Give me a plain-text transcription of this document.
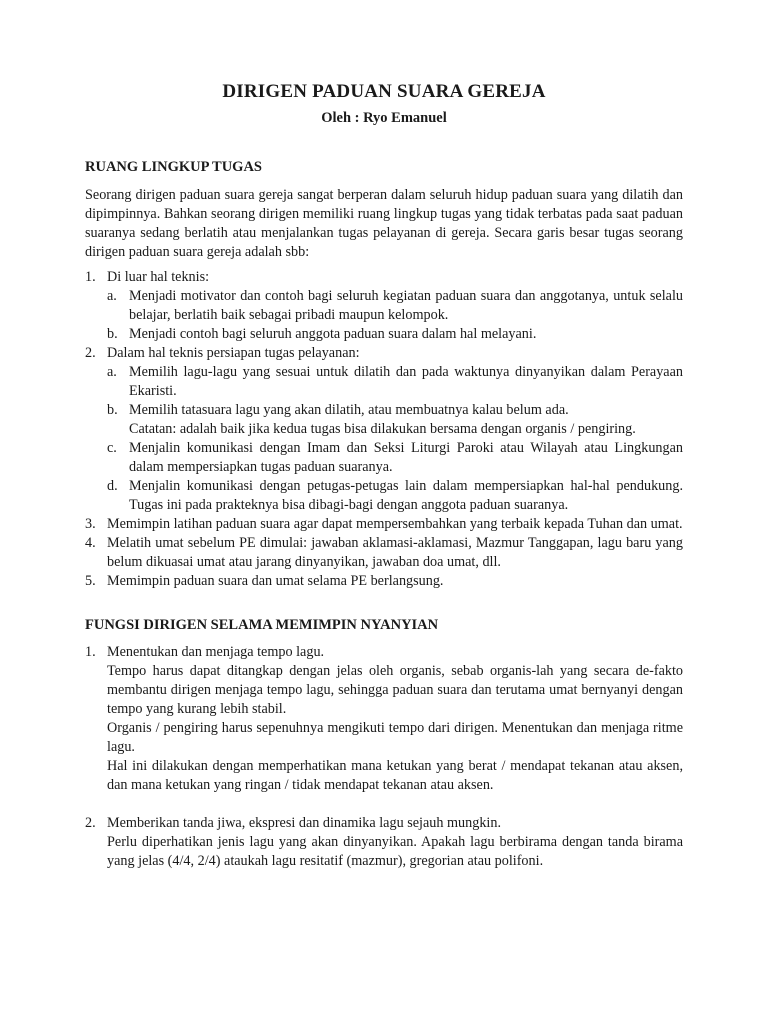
DIRIGEN PADUAN SUARA GEREJA

Oleh : Ryo Emanuel

RUANG LINGKUP TUGAS

Seorang dirigen paduan suara gereja sangat berperan dalam seluruh hidup paduan suara yang dilatih dan dipimpinnya. Bahkan seorang dirigen memiliki ruang lingkup tugas yang tidak terbatas pada saat paduan suaranya sedang berlatih atau menjalankan tugas pelayanan di gereja. Secara garis besar tugas seorang dirigen paduan suara gereja adalah sbb:

1. Di luar hal teknis:
a. Menjadi motivator dan contoh bagi seluruh kegiatan paduan suara dan anggotanya, untuk selalu belajar, berlatih baik sebagai pribadi maupun kelompok.
b. Menjadi contoh bagi seluruh anggota paduan suara dalam hal melayani.
2. Dalam hal teknis persiapan tugas pelayanan:
a. Memilih lagu-lagu yang sesuai untuk dilatih dan pada waktunya dinyanyikan dalam Perayaan Ekaristi.
b. Memilih tatasuara lagu yang akan dilatih, atau membuatnya kalau belum ada.
Catatan: adalah baik jika kedua tugas bisa dilakukan bersama dengan organis / pengiring.
c. Menjalin komunikasi dengan Imam dan Seksi Liturgi Paroki atau Wilayah atau Lingkungan dalam mempersiapkan tugas paduan suaranya.
d. Menjalin komunikasi dengan petugas-petugas lain dalam mempersiapkan hal-hal pendukung. Tugas ini pada prakteknya bisa dibagi-bagi dengan anggota paduan suaranya.
3. Memimpin latihan paduan suara agar dapat mempersembahkan yang terbaik kepada Tuhan dan umat.
4. Melatih umat sebelum PE dimulai: jawaban aklamasi-aklamasi, Mazmur Tanggapan, lagu baru yang belum dikuasai umat atau jarang dinyanyikan, jawaban doa umat, dll.
5. Memimpin paduan suara dan umat selama PE berlangsung.
FUNGSI DIRIGEN SELAMA MEMIMPIN NYANYIAN
1. Menentukan dan menjaga tempo lagu.
Tempo harus dapat ditangkap dengan jelas oleh organis, sebab organis-lah yang secara de-fakto membantu dirigen menjaga tempo lagu, sehingga paduan suara dan terutama umat bernyanyi dengan tempo yang kurang lebih stabil.
Organis / pengiring harus sepenuhnya mengikuti tempo dari dirigen. Menentukan dan menjaga ritme lagu.
Hal ini dilakukan dengan memperhatikan mana ketukan yang berat / mendapat tekanan atau aksen, dan mana ketukan yang ringan / tidak mendapat tekanan atau aksen.
2. Memberikan tanda jiwa, ekspresi dan dinamika lagu sejauh mungkin.
Perlu diperhatikan jenis lagu yang akan dinyanyikan. Apakah lagu berbirama dengan tanda birama yang jelas (4/4, 2/4) ataukah lagu resitatif (mazmur), gregorian atau polifoni.
